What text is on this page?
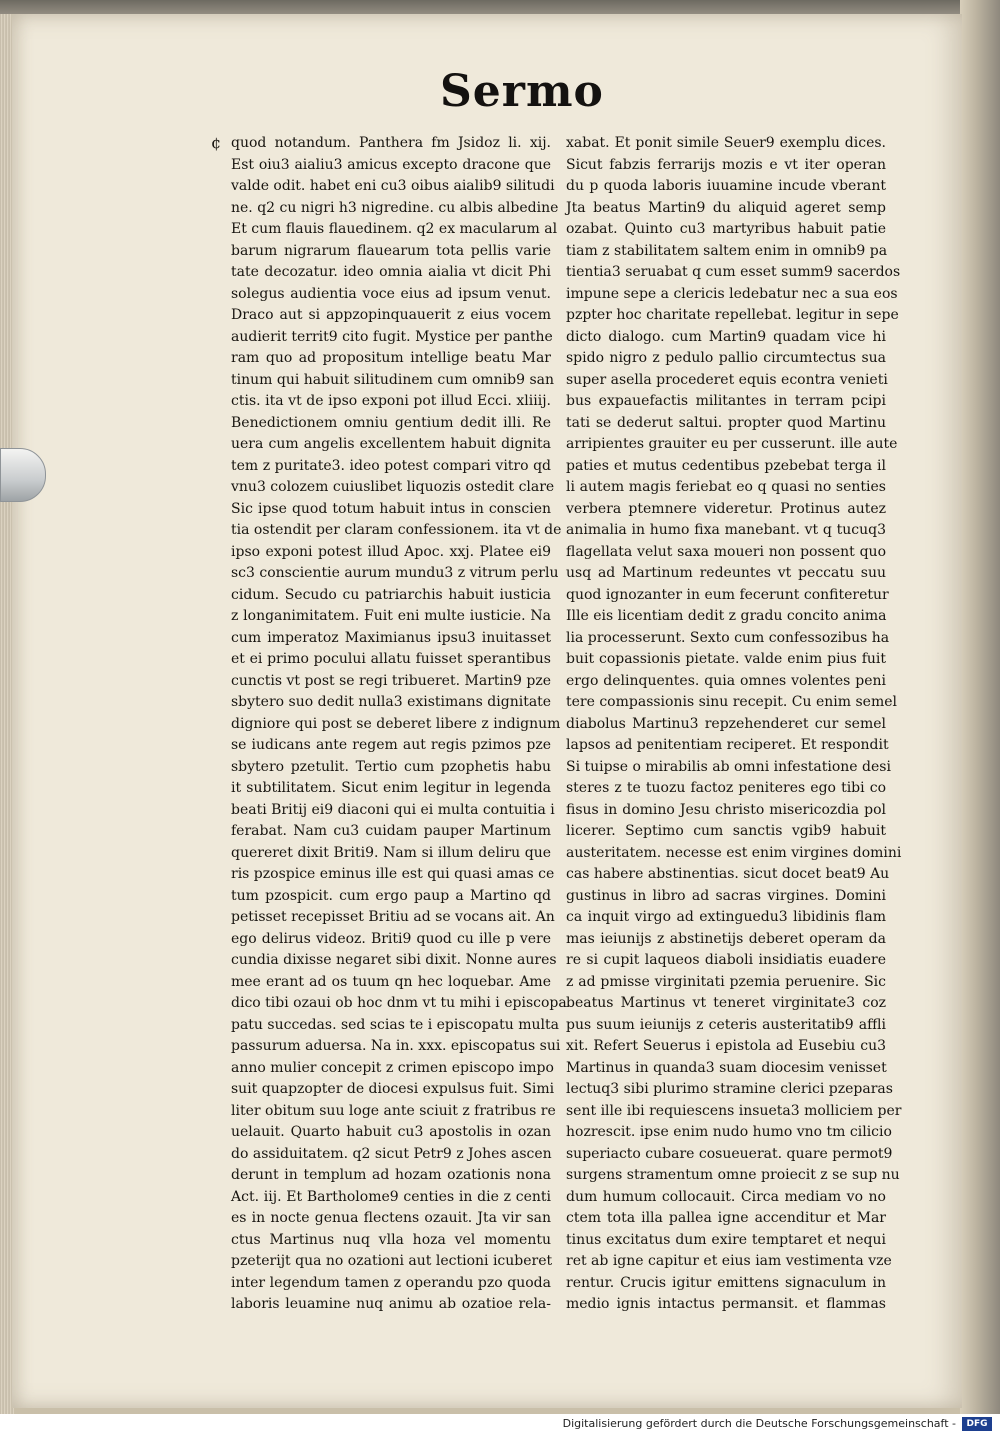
Sermo
¢ quod notandum. Panthera fm Jsidoz li. xij.
Est oiu3 aialiu3 amicus excepto dracone que
valde odit. habet eni cu3 oibus aialib9 silitudi
ne. q2 cu nigri h3 nigredine. cu albis albedine
Et cum flauis flauedinem. q2 ex macularum al
barum nigrarum flauearum tota pellis varie
tate decozatur. ideo omnia aialia vt dicit Phi
solegus audientia voce eius ad ipsum venut.
Draco aut si appzopinquauerit z eius vocem
audierit territ9 cito fugit. Mystice per panthe
ram quo ad propositum intellige beatu Mar
tinum qui habuit silitudinem cum omnib9 san
ctis. ita vt de ipso exponi pot illud Ecci. xliiij.
Benedictionem omniu gentium dedit illi. Re
uera cum angelis excellentem habuit dignita
tem z puritate3. ideo potest compari vitro qd
vnu3 colozem cuiuslibet liquozis ostedit clare
Sic ipse quod totum habuit intus in conscien
tia ostendit per claram confessionem. ita vt de
ipso exponi potest illud Apoc. xxj. Platee ei9
sc3 conscientie aurum mundu3 z vitrum perlu
cidum. Secudo cu patriarchis habuit iusticia
z longanimitatem. Fuit eni multe iusticie. Na
cum imperatoz Maximianus ipsu3 inuitasset
et ei primo pocului allatu fuisset sperantibus
cunctis vt post se regi tribueret. Martin9 pze
sbytero suo dedit nulla3 existimans dignitate
digniore qui post se deberet libere z indignum
se iudicans ante regem aut regis pzimos pze
sbytero pzetulit. Tertio cum pzophetis habu
it subtilitatem. Sicut enim legitur in legenda
beati Britij ei9 diaconi qui ei multa contuitia i
ferabat. Nam cu3 cuidam pauper Martinum
quereret dixit Briti9. Nam si illum deliru que
ris pzospice eminus ille est qui quasi amas ce
tum pzospicit. cum ergo paup a Martino qd
petisset recepisset Britiu ad se vocans ait. An
ego delirus videoz. Briti9 quod cu ille p vere
cundia dixisse negaret sibi dixit. Nonne aures
mee erant ad os tuum qn hec loquebar. Ame
dico tibi ozaui ob hoc dnm vt tu mihi i episcopa
patu succedas. sed scias te i episcopatu multa
passurum aduersa. Na in. xxx. episcopatus sui
anno mulier concepit z crimen episcopo impo
suit quapzopter de diocesi expulsus fuit. Simi
liter obitum suu loge ante sciuit z fratribus re
uelauit. Quarto habuit cu3 apostolis in ozan
do assiduitatem. q2 sicut Petr9 z Johes ascen
derunt in templum ad hozam ozationis nona
Act. iij. Et Bartholome9 centies in die z centi
es in nocte genua flectens ozauit. Jta vir san
ctus Martinus nuq vlla hoza vel momentu
pzeterijt qua no ozationi aut lectioni icuberet
inter legendum tamen z operandu pzo quoda
laboris leuamine nuq animu ab ozatioe rela-
xabat. Et ponit simile Seuer9 exemplu dices.
Sicut fabzis ferrarijs mozis e vt iter operan
du p quoda laboris iuuamine incude vberant
Jta beatus Martin9 du aliquid ageret semp
ozabat. Quinto cu3 martyribus habuit patie
tiam z stabilitatem saltem enim in omnib9 pa
tientia3 seruabat q cum esset summ9 sacerdos
impune sepe a clericis ledebatur nec a sua eos
pzpter hoc charitate repellebat. legitur in sepe
dicto dialogo. cum Martin9 quadam vice hi
spido nigro z pedulo pallio circumtectus sua
super asella procederet equis econtra venieti
bus expauefactis militantes in terram pcipi
tati se dederut saltui. propter quod Martinu
arripientes grauiter eu per cusserunt. ille aute
paties et mutus cedentibus pzebebat terga il
li autem magis feriebat eo q quasi no senties
verbera ptemnere videretur. Protinus autez
animalia in humo fixa manebant. vt q tucuq3
flagellata velut saxa moueri non possent quo
usq ad Martinum redeuntes vt peccatu suu
quod ignozanter in eum fecerunt confiteretur
Ille eis licentiam dedit z gradu concito anima
lia processerunt. Sexto cum confessozibus ha
buit copassionis pietate. valde enim pius fuit
ergo delinquentes. quia omnes volentes peni
tere compassionis sinu recepit. Cu enim semel
diabolus Martinu3 repzehenderet cur semel
lapsos ad penitentiam reciperet. Et respondit
Si tuipse o mirabilis ab omni infestatione desi
steres z te tuozu factoz peniteres ego tibi co
fisus in domino Jesu christo misericozdia pol
licerer. Septimo cum sanctis vgib9 habuit
austeritatem. necesse est enim virgines domini
cas habere abstinentias. sicut docet beat9 Au
gustinus in libro ad sacras virgines. Domini
ca inquit virgo ad extinguedu3 libidinis flam
mas ieiunijs z abstinetijs deberet operam da
re si cupit laqueos diaboli insidiatis euadere
z ad pmisse virginitati pzemia peruenire. Sic
beatus Martinus vt teneret virginitate3 coz
pus suum ieiunijs z ceteris austeritatib9 affli
xit. Refert Seuerus i epistola ad Eusebiu cu3
Martinus in quanda3 suam diocesim venisset
lectuq3 sibi plurimo stramine clerici pzeparas
sent ille ibi requiescens insueta3 molliciem per
hozrescit. ipse enim nudo humo vno tm cilicio
superiacto cubare cosueuerat. quare permot9
surgens stramentum omne proiecit z se sup nu
dum humum collocauit. Circa mediam vo no
ctem tota illa pallea igne accenditur et Mar
tinus excitatus dum exire temptaret et nequi
ret ab igne capitur et eius iam vestimenta vze
rentur. Crucis igitur emittens signaculum in
medio ignis intactus permansit. et flammas
Digitalisierung gefördert durch die Deutsche Forschungsgemeinschaft -	DFG
